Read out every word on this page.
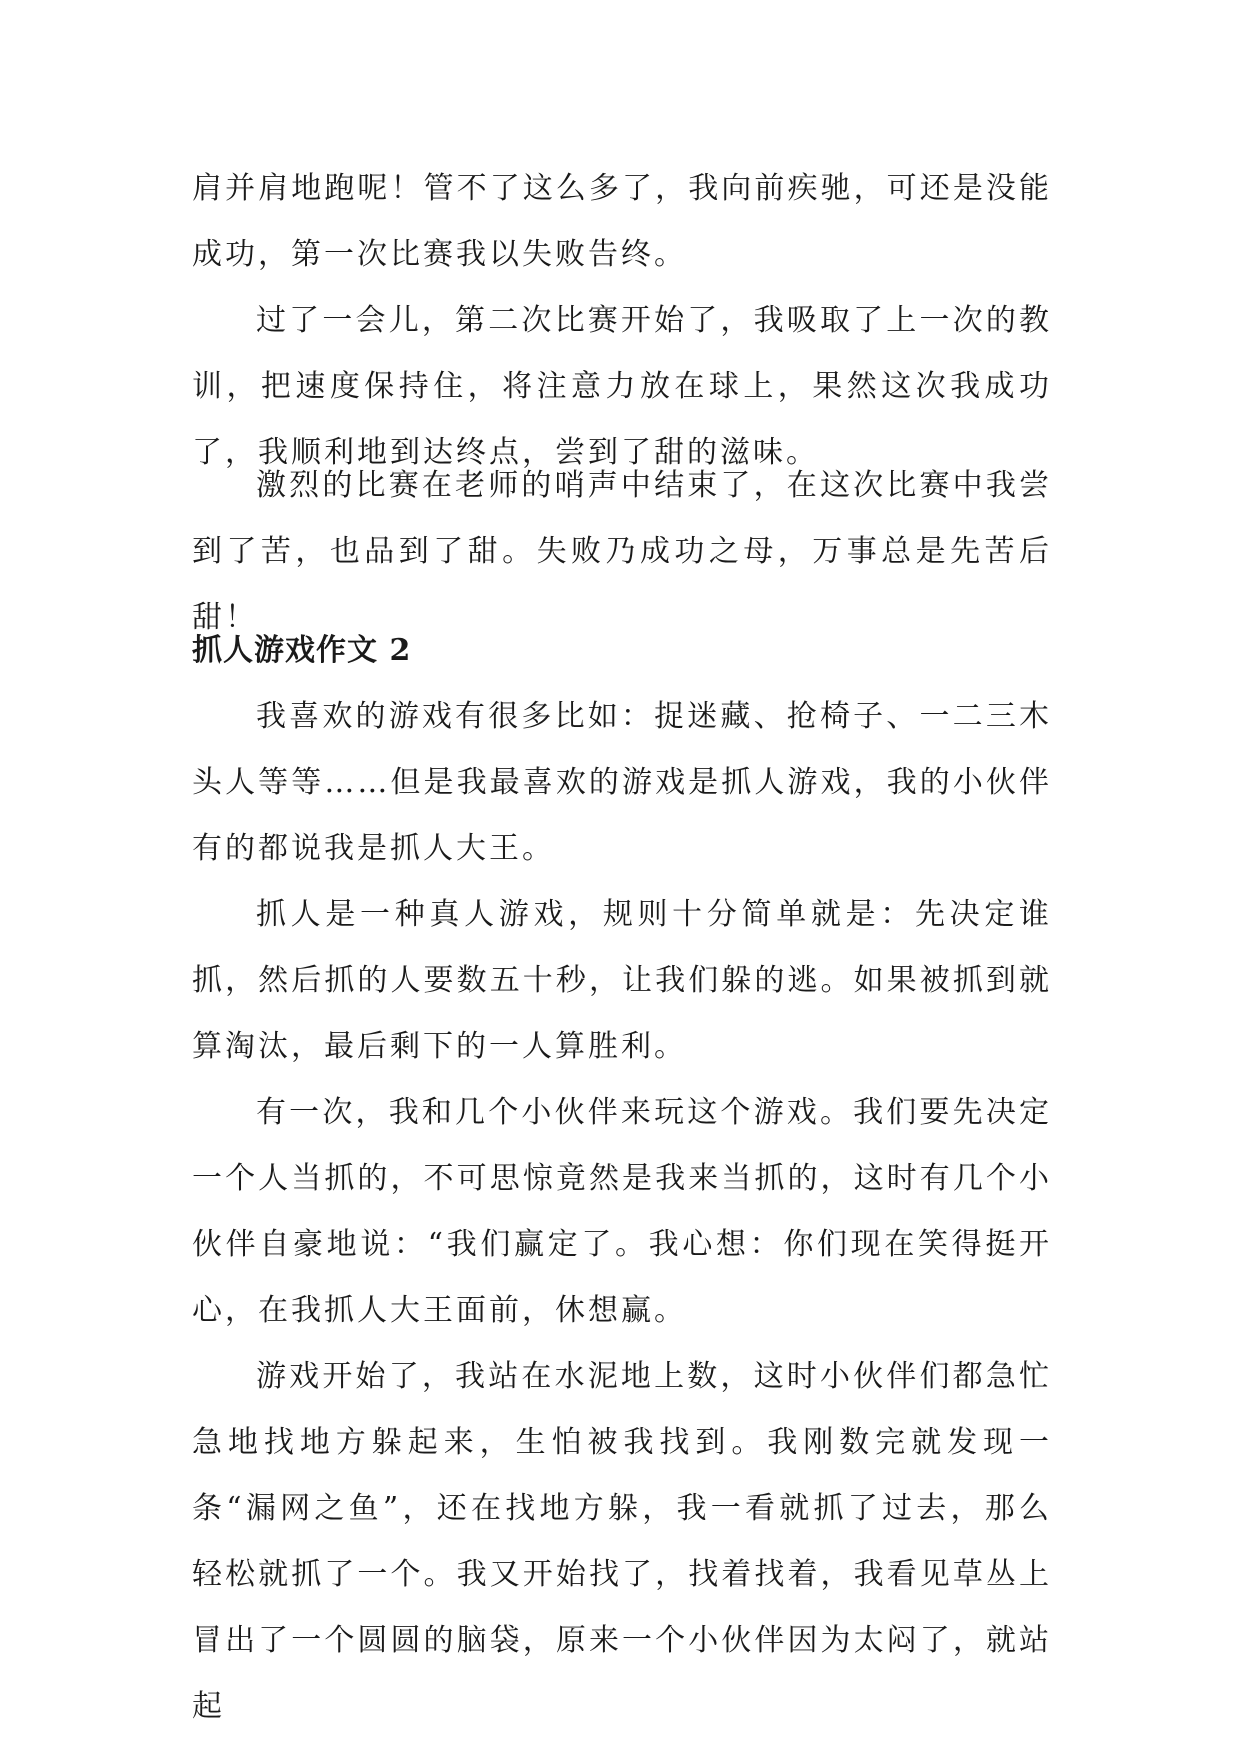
肩并肩地跑呢！管不了这么多了，我向前疾驰，可还是没能成功，第一次比赛我以失败告终。

过了一会儿，第二次比赛开始了，我吸取了上一次的教训，把速度保持住，将注意力放在球上，果然这次我成功了，我顺利地到达终点，尝到了甜的滋味。

激烈的比赛在老师的哨声中结束了，在这次比赛中我尝到了苦，也品到了甜。失败乃成功之母，万事总是先苦后甜！

抓人游戏作文 2

我喜欢的游戏有很多比如：捉迷藏、抢椅子、一二三木头人等等……但是我最喜欢的游戏是抓人游戏，我的小伙伴有的都说我是抓人大王。

抓人是一种真人游戏，规则十分简单就是：先决定谁抓，然后抓的人要数五十秒，让我们躲的逃。如果被抓到就算淘汰，最后剩下的一人算胜利。

有一次，我和几个小伙伴来玩这个游戏。我们要先决定一个人当抓的，不可思惊竟然是我来当抓的，这时有几个小伙伴自豪地说：“我们赢定了。我心想：你们现在笑得挺开心，在我抓人大王面前，休想赢。

游戏开始了，我站在水泥地上数，这时小伙伴们都急忙急地找地方躲起来，生怕被我找到。我刚数完就发现一条“漏网之鱼”，还在找地方躲，我一看就抓了过去，那么轻松就抓了一个。我又开始找了，找着找着，我看见草丛上冒出了一个圆圆的脑袋，原来一个小伙伴因为太闷了，就站起
